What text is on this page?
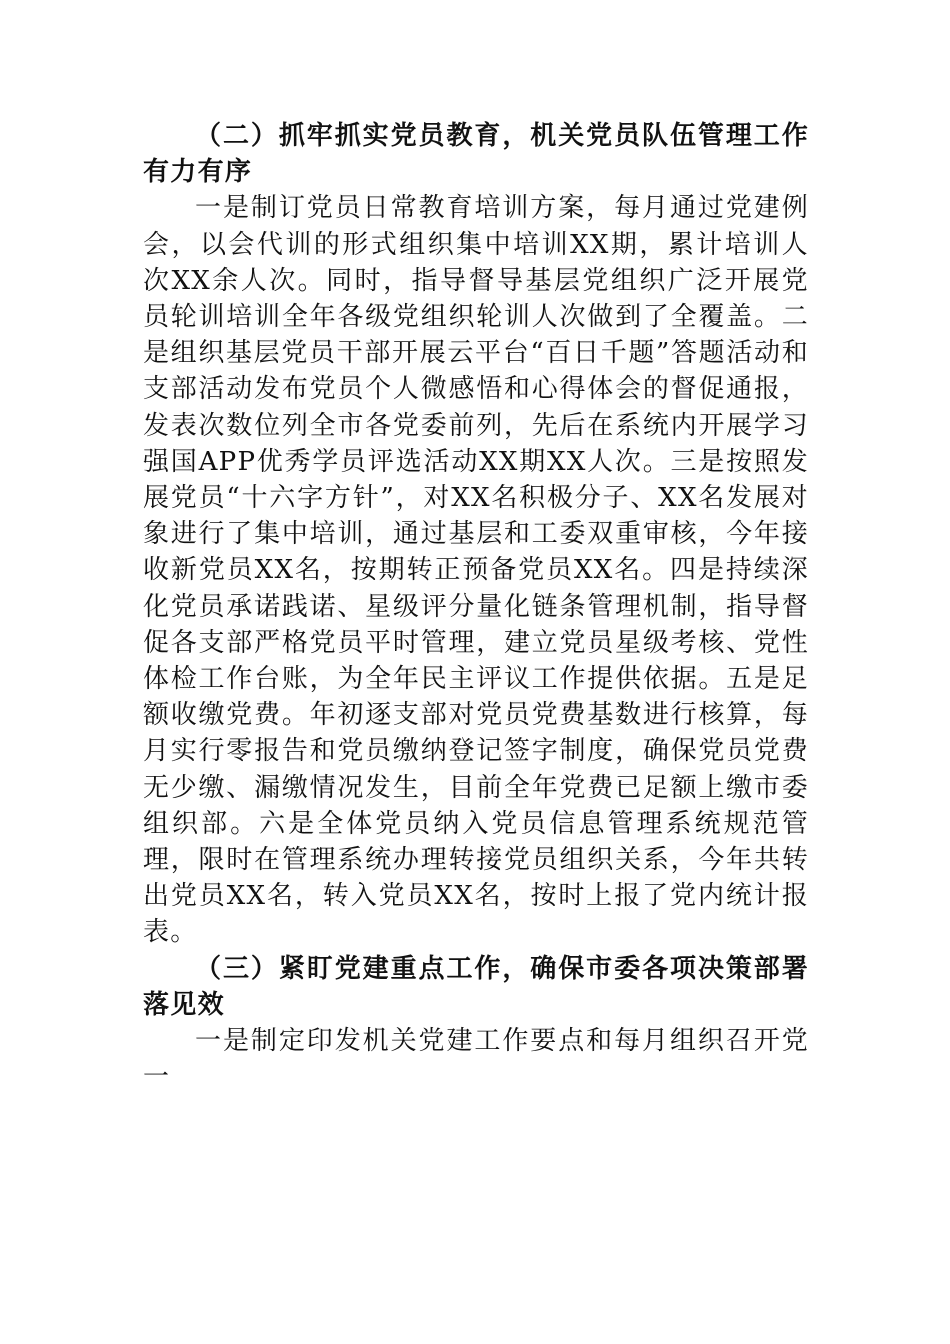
（二）抓牢抓实党员教育，机关党员队伍管理工作有力有序

一是制订党员日常教育培训方案，每月通过党建例会，以会代训的形式组织集中培训XX期，累计培训人次XX余人次。同时，指导督导基层党组织广泛开展党员轮训培训全年各级党组织轮训人次做到了全覆盖。二是组织基层党员干部开展云平台“百日千题”答题活动和支部活动发布党员个人微感悟和心得体会的督促通报，发表次数位列全市各党委前列，先后在系统内开展学习强国APP优秀学员评选活动XX期XX人次。三是按照发展党员“十六字方针”，对XX名积极分子、XX名发展对象进行了集中培训，通过基层和工委双重审核，今年接收新党员XX名，按期转正预备党员XX名。四是持续深化党员承诺践诺、星级评分量化链条管理机制，指导督促各支部严格党员平时管理，建立党员星级考核、党性体检工作台账，为全年民主评议工作提供依据。五是足额收缴党费。年初逐支部对党员党费基数进行核算，每月实行零报告和党员缴纳登记签字制度，确保党员党费无少缴、漏缴情况发生，目前全年党费已足额上缴市委组织部。六是全体党员纳入党员信息管理系统规范管理，限时在管理系统办理转接党员组织关系，今年共转出党员XX名，转入党员XX名，按时上报了党内统计报表。

（三）紧盯党建重点工作，确保市委各项决策部署落见效

一是制定印发机关党建工作要点和每月组织召开党一
